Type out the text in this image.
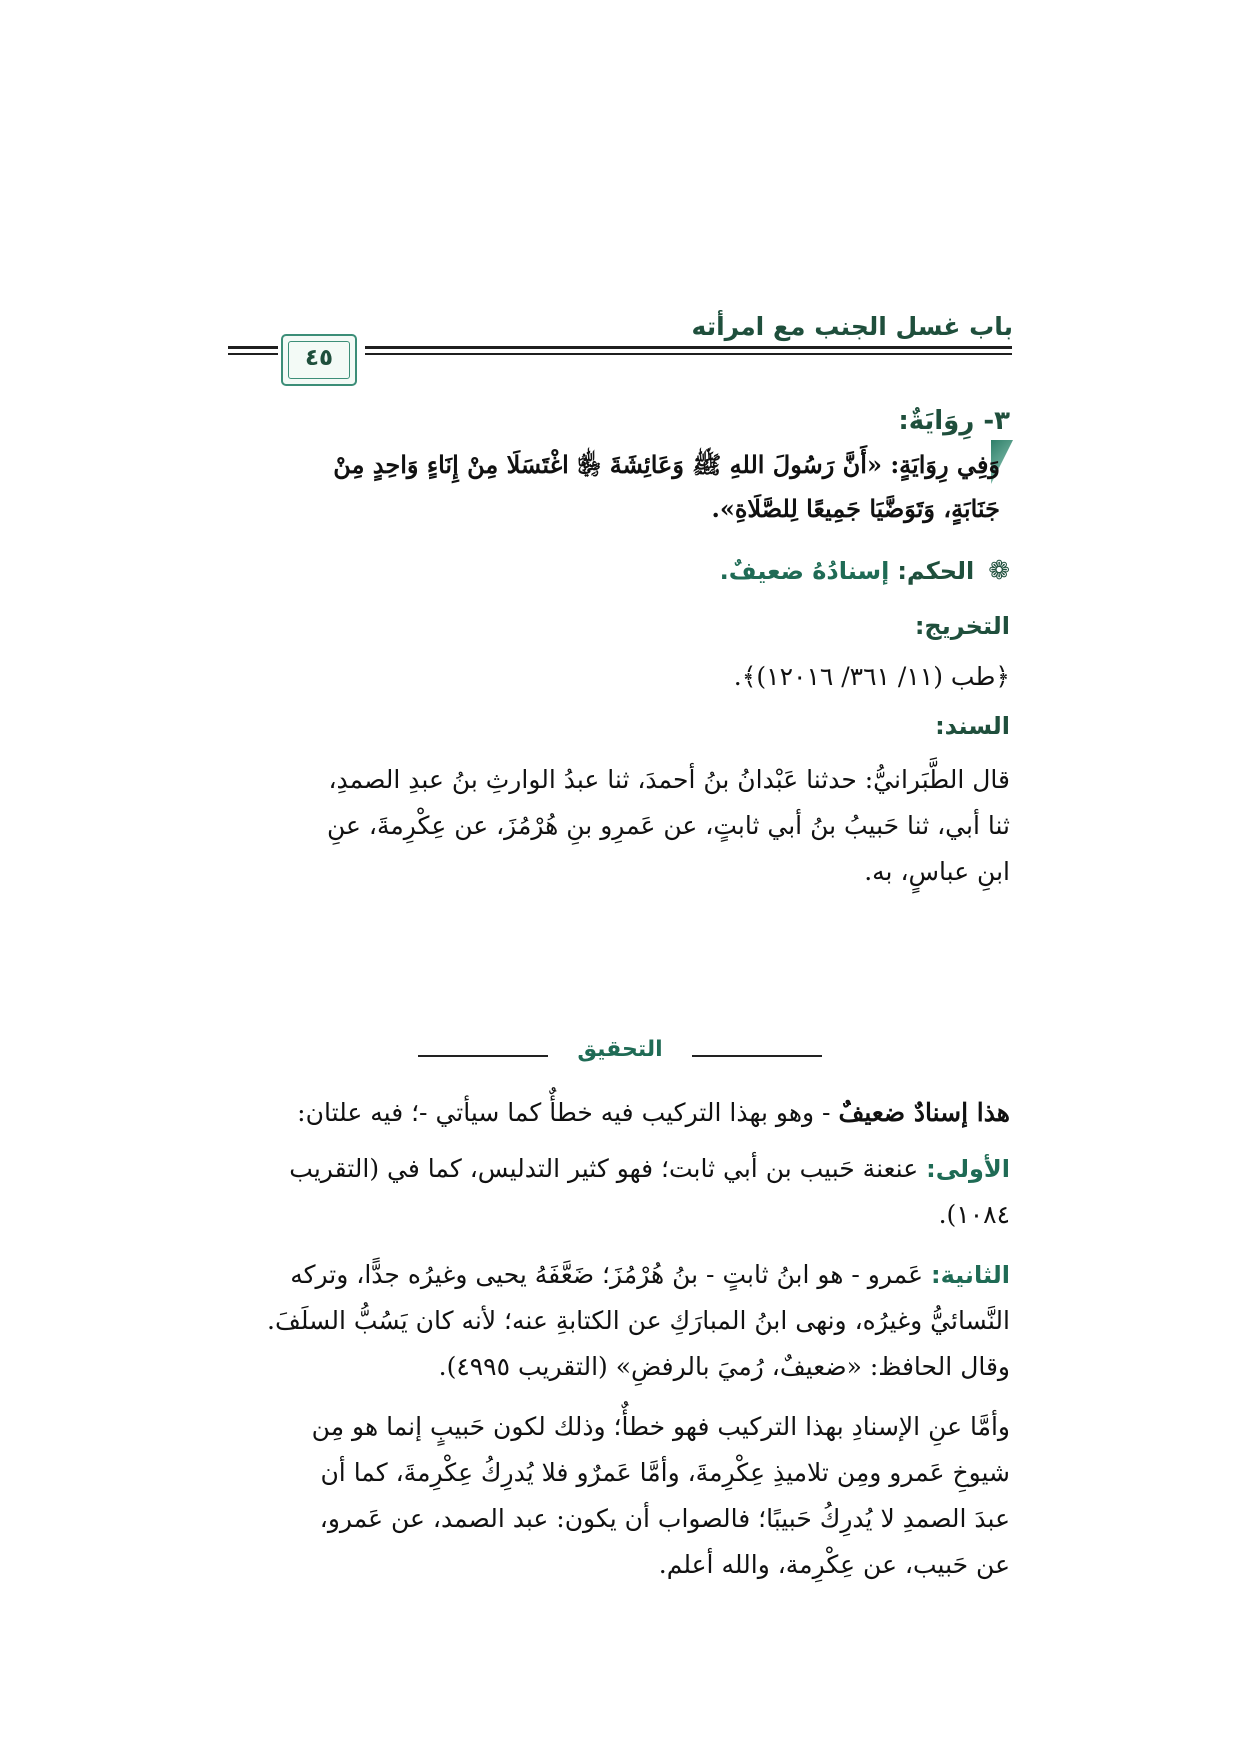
باب غسل الجنب مع امرأته
٤٥
٣- رِوَايَةٌ:
وَفِي رِوَايَةٍ: «أَنَّ رَسُولَ اللهِ ﷺ وَعَائِشَةَ ﵂ اغْتَسَلَا مِنْ إِنَاءٍ وَاحِدٍ مِنْ
جَنَابَةٍ، وَتَوَضَّيَا جَمِيعًا لِلصَّلَاةِ».
❁ الحكم: إسنادُهُ ضعيفٌ.
التخريج:
﴿طب (١١/ ٣٦١/ ١٢٠١٦)﴾.
السند:
قال الطَّبَرانيُّ: حدثنا عَبْدانُ بنُ أحمدَ، ثنا عبدُ الوارثِ بنُ عبدِ الصمدِ،
ثنا أبي، ثنا حَبيبُ بنُ أبي ثابتٍ، عن عَمرِو بنِ هُرْمُزَ، عن عِكْرِمةَ، عنِ
ابنِ عباسٍ، به.
التحقيق
هذا إسنادٌ ضعيفٌ - وهو بهذا التركيب فيه خطأٌ كما سيأتي -؛ فيه علتان:
الأولى: عنعنة حَبيب بن أبي ثابت؛ فهو كثير التدليس، كما في (التقريب
١٠٨٤).
الثانية: عَمرو - هو ابنُ ثابتٍ - بنُ هُرْمُزَ؛ ضَعَّفَهُ يحيى وغيرُه جدًّا، وتركه
النَّسائيُّ وغيرُه، ونهى ابنُ المبارَكِ عن الكتابةِ عنه؛ لأنه كان يَسُبُّ السلَفَ.
وقال الحافظ: «ضعيفٌ، رُميَ بالرفضِ» (التقريب ٤٩٩٥).
وأمَّا عنِ الإسنادِ بهذا التركيب فهو خطأٌ؛ وذلك لكون حَبيبٍ إنما هو مِن
شيوخِ عَمرو ومِن تلاميذِ عِكْرِمةَ، وأمَّا عَمرٌو فلا يُدرِكُ عِكْرِمةَ، كما أن
عبدَ الصمدِ لا يُدرِكُ حَبيبًا؛ فالصواب أن يكون: عبد الصمد، عن عَمرو،
عن حَبيب، عن عِكْرِمة، والله أعلم.
